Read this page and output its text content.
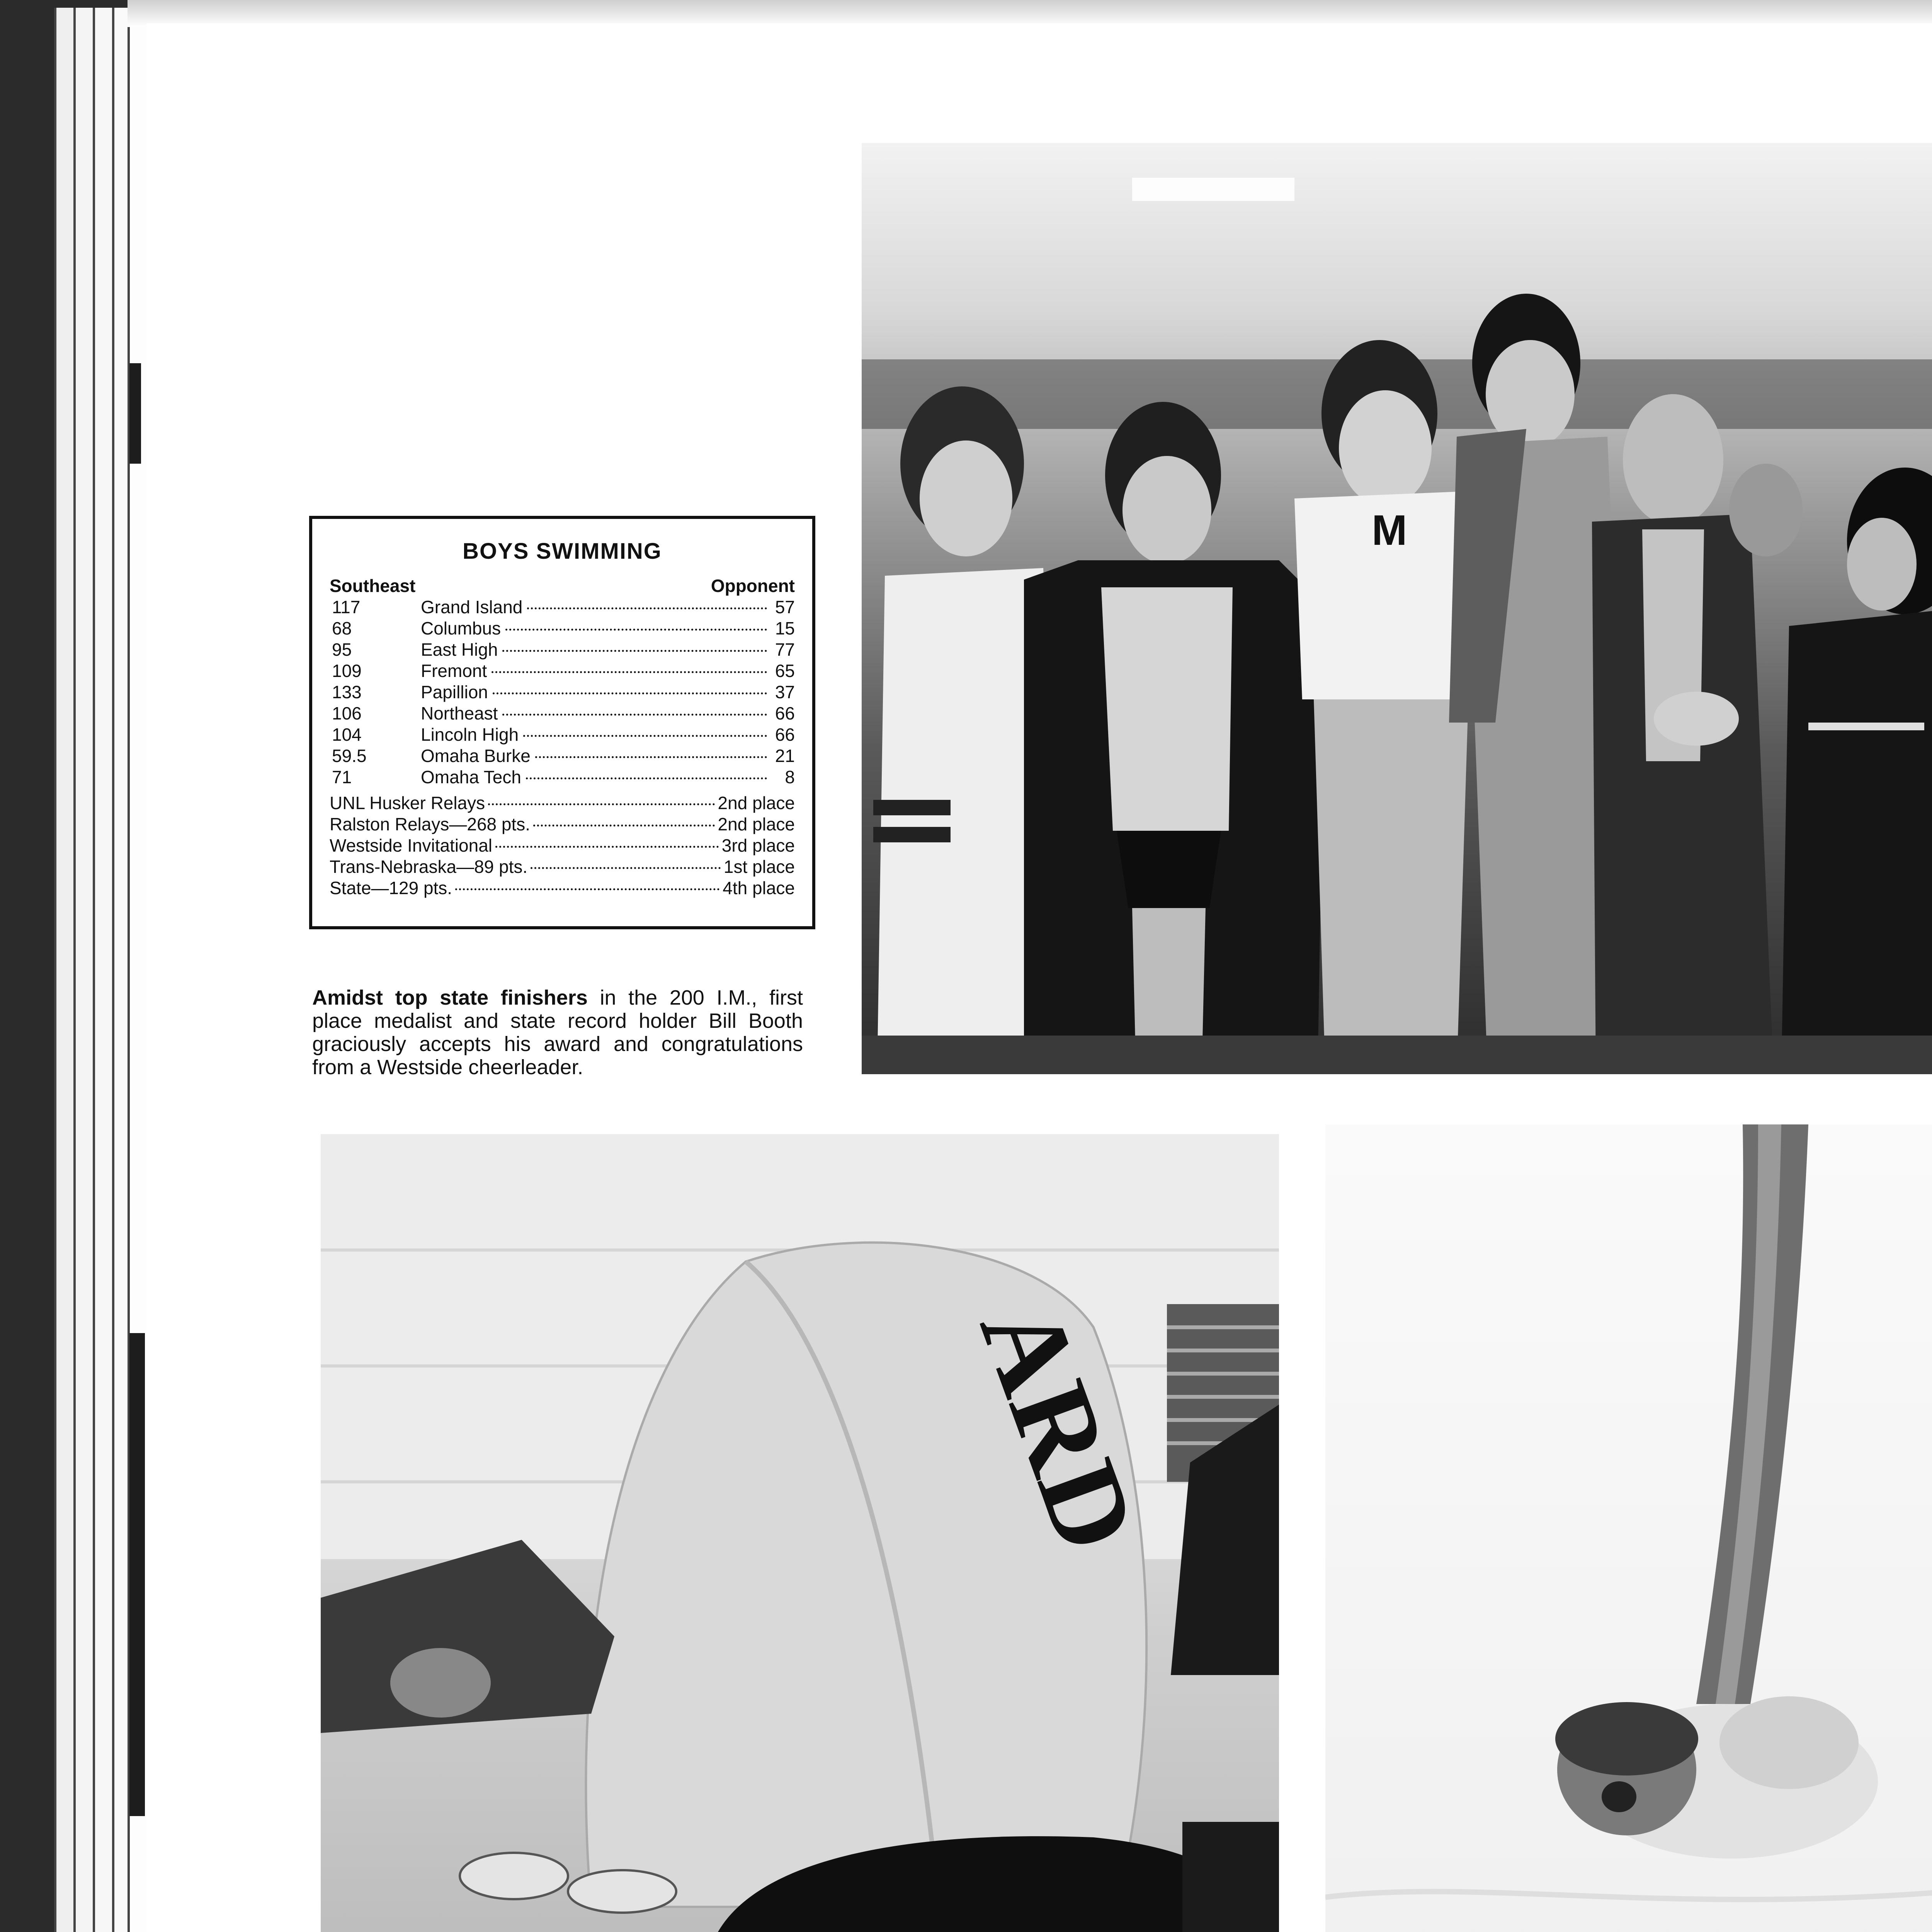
M
BOYS SWIMMING
Southeast	Opponent
117	Grand Island	57
68	Columbus	15
95	East High	77
109	Fremont	65
133	Papillion	37
106	Northeast	66
104	Lincoln High	66
59.5	Omaha Burke	21
71	Omaha Tech	8
UNL Husker Relays	2nd place
Ralston Relays—268 pts.	2nd place
Westside Invitational	3rd place
Trans-Nebraska—89 pts.	1st place
State—129 pts.	4th place
Amidst top state finishers in the 200 I.M., first place medalist and state record holder Bill Booth graciously accepts his award and congratulations from a Westside cheerleader.
ARD
